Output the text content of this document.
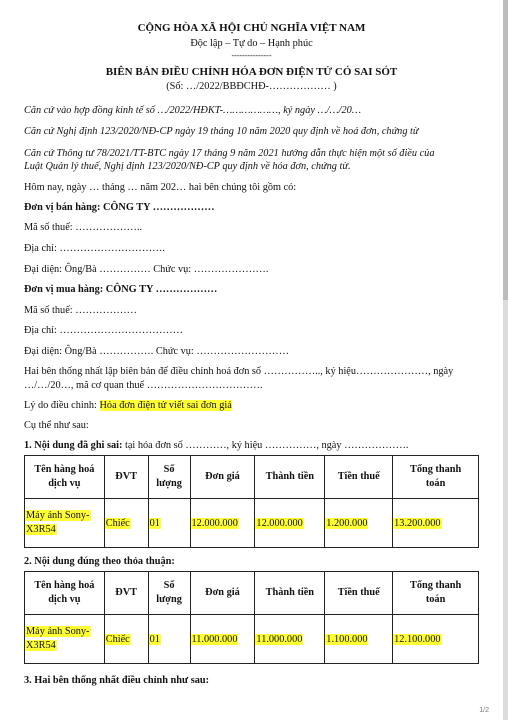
CỘNG HÒA XÃ HỘI CHỦ NGHĨA VIỆT NAM
Độc lập – Tự do – Hạnh phúc
---------------
BIÊN BẢN ĐIỀU CHỈNH HÓA ĐƠN ĐIỆN TỬ CÓ SAI SÓT
(Số: …/2022/BBĐCHĐ-……………… )
Căn cứ vào hợp đồng kinh tế số …/2022/HĐKT-………………, ký ngày …/…/20…
Căn cứ Nghị định 123/2020/NĐ-CP ngày 19 tháng 10 năm 2020 quy định về hoá đơn, chứng từ
Căn cứ Thông tư 78/2021/TT-BTC ngày 17 tháng 9 năm 2021 hướng dẫn thực hiện một số điều của
Luật Quản lý thuế, Nghị định 123/2020/NĐ-CP quy định về hóa đơn, chứng từ.
Hôm nay, ngày … tháng … năm 202… hai bên chúng tôi gồm có:
Đơn vị bán hàng: CÔNG TY ………………
Mã số thuế: ………………..
Địa chỉ: ………………………….
Đại diện: Ông/Bà …………… Chức vụ: ………………….
Đơn vị mua hàng: CÔNG TY ………………
Mã số thuế: ………………
Địa chỉ: ………………………………
Đại diện: Ông/Bà ……………. Chức vụ: ………………………
Hai bên thống nhất lập biên bản để điều chỉnh hoá đơn số …………….., ký hiệu…………………, ngày
…/…/20…, mã cơ quan thuế …………………………….
Lý do điều chỉnh: Hóa đơn điện tử viết sai đơn giá
Cụ thể như sau:
1. Nội dung đã ghi sai: tại hóa đơn số …………, ký hiệu ……………, ngày ……………….
Tên hàng hoá
dịch vụ	ĐVT	Số
lượng	Đơn giá	Thành tiền	Tiền thuế	Tổng thanh
toán
Máy ảnh Sony-
X3R54	Chiếc	01	12.000.000	12.000.000	1.200.000	13.200.000
2. Nội dung đúng theo thỏa thuận:
Tên hàng hoá
dịch vụ	ĐVT	Số
lượng	Đơn giá	Thành tiền	Tiền thuế	Tổng thanh
toán
Máy ảnh Sony-
X3R54	Chiếc	01	11.000.000	11.000.000	1.100.000	12.100.000
3. Hai bên thống nhất điều chỉnh như sau:
1/2
